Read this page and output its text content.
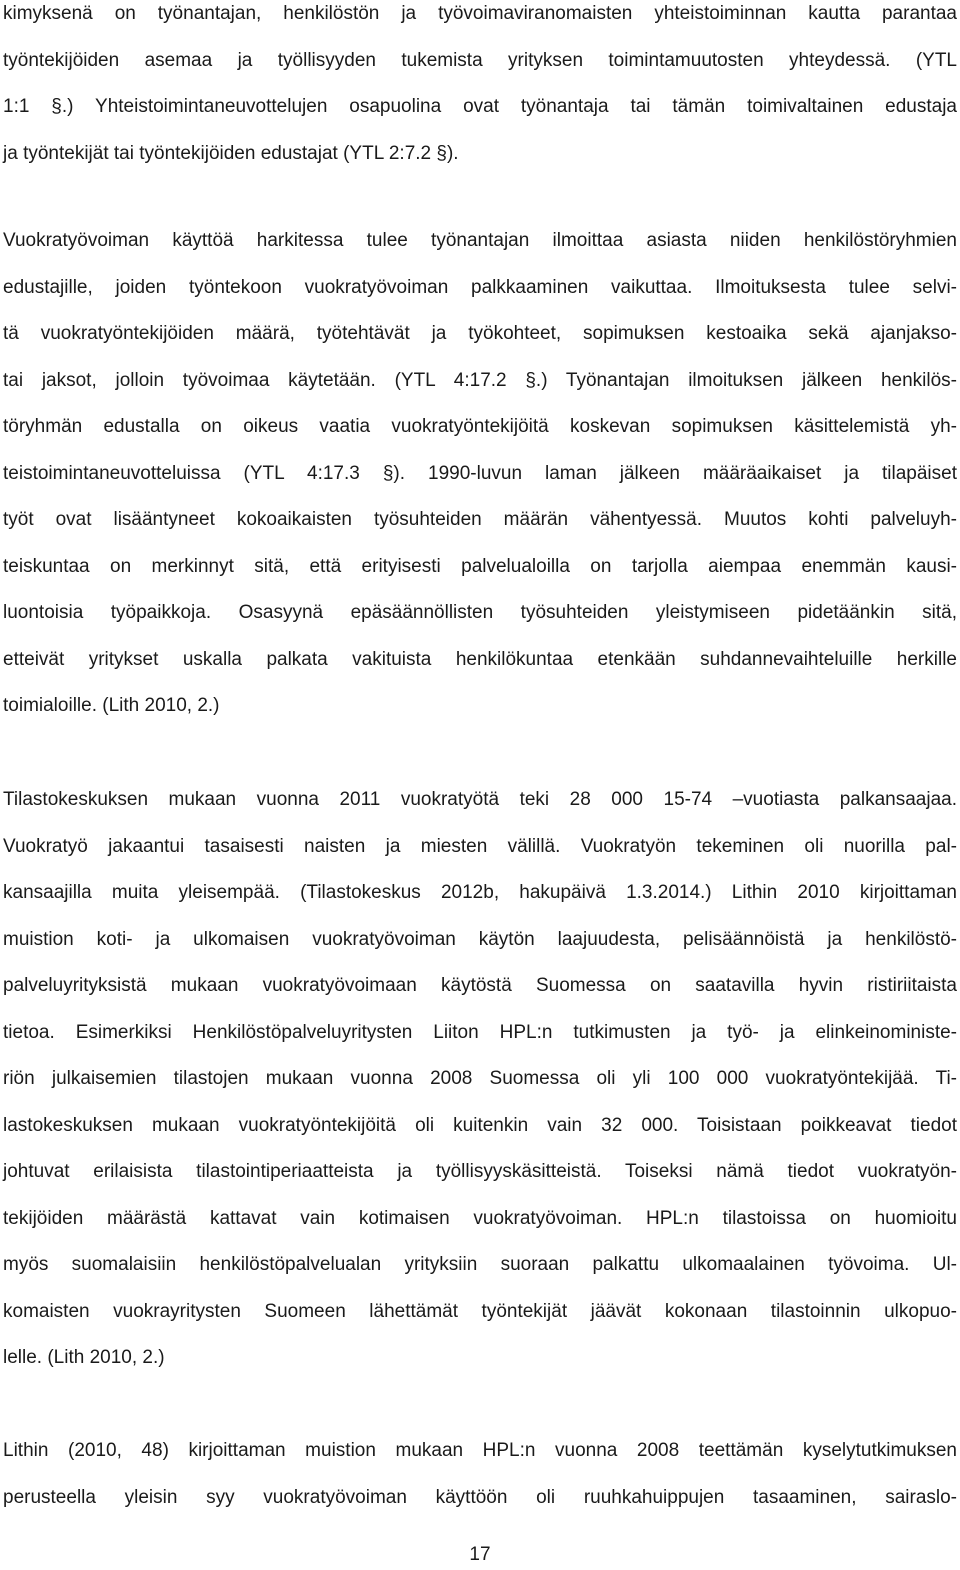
kimyksenä on työnantajan, henkilöstön ja työvoimaviranomaisten yhteistoiminnan kautta parantaa
työntekijöiden asemaa ja työllisyyden tukemista yrityksen toimintamuutosten yhteydessä. (YTL
1:1 §.) Yhteistoimintaneuvottelujen osapuolina ovat työnantaja tai tämän toimivaltainen edustaja
ja työntekijät tai työntekijöiden edustajat (YTL 2:7.2 §).
Vuokratyövoiman käyttöä harkitessa tulee työnantajan ilmoittaa asiasta niiden henkilöstöryhmien
edustajille, joiden työntekoon vuokratyövoiman palkkaaminen vaikuttaa. Ilmoituksesta tulee selvi-
tä vuokratyöntekijöiden määrä, työtehtävät ja työkohteet, sopimuksen kestoaika sekä ajanjakso-
tai jaksot, jolloin työvoimaa käytetään. (YTL 4:17.2 §.) Työnantajan ilmoituksen jälkeen henkilös-
töryhmän edustalla on oikeus vaatia vuokratyöntekijöitä koskevan sopimuksen käsittelemistä yh-
teistoimintaneuvotteluissa (YTL 4:17.3 §). 1990-luvun laman jälkeen määräaikaiset ja tilapäiset
työt ovat lisääntyneet kokoaikaisten työsuhteiden määrän vähentyessä. Muutos kohti palveluyh-
teiskuntaa on merkinnyt sitä, että erityisesti palvelualoilla on tarjolla aiempaa enemmän kausi-
luontoisia työpaikkoja. Osasyynä epäsäännöllisten työsuhteiden yleistymiseen pidetäänkin sitä,
etteivät yritykset uskalla palkata vakituista henkilökuntaa etenkään suhdannevaihteluille herkille
toimialoille. (Lith 2010, 2.)
Tilastokeskuksen mukaan vuonna 2011 vuokratyötä teki 28 000 15-74 –vuotiasta palkansaajaa.
Vuokratyö jakaantui tasaisesti naisten ja miesten välillä. Vuokratyön tekeminen oli nuorilla pal-
kansaajilla muita yleisempää. (Tilastokeskus 2012b, hakupäivä 1.3.2014.) Lithin 2010 kirjoittaman
muistion koti- ja ulkomaisen vuokratyövoiman käytön laajuudesta, pelisäännöistä ja henkilöstö-
palveluyrityksistä mukaan vuokratyövoimaan käytöstä Suomessa on saatavilla hyvin ristiriitaista
tietoa. Esimerkiksi Henkilöstöpalveluyritysten Liiton HPL:n tutkimusten ja työ- ja elinkeinoministe-
riön julkaisemien tilastojen mukaan vuonna 2008 Suomessa oli yli 100 000 vuokratyöntekijää. Ti-
lastokeskuksen mukaan vuokratyöntekijöitä oli kuitenkin vain 32 000. Toisistaan poikkeavat tiedot
johtuvat erilaisista tilastointiperiaatteista ja työllisyyskäsitteistä. Toiseksi nämä tiedot vuokratyön-
tekijöiden määrästä kattavat vain kotimaisen vuokratyövoiman. HPL:n tilastoissa on huomioitu
myös suomalaisiin henkilöstöpalvelualan yrityksiin suoraan palkattu ulkomaalainen työvoima. Ul-
komaisten vuokrayritysten Suomeen lähettämät työntekijät jäävät kokonaan tilastoinnin ulkopuo-
lelle. (Lith 2010, 2.)
Lithin (2010, 48) kirjoittaman muistion mukaan HPL:n vuonna 2008 teettämän kyselytutkimuksen
perusteella yleisin syy vuokratyövoiman käyttöön oli ruuhkahuippujen tasaaminen, sairaslo-
17
